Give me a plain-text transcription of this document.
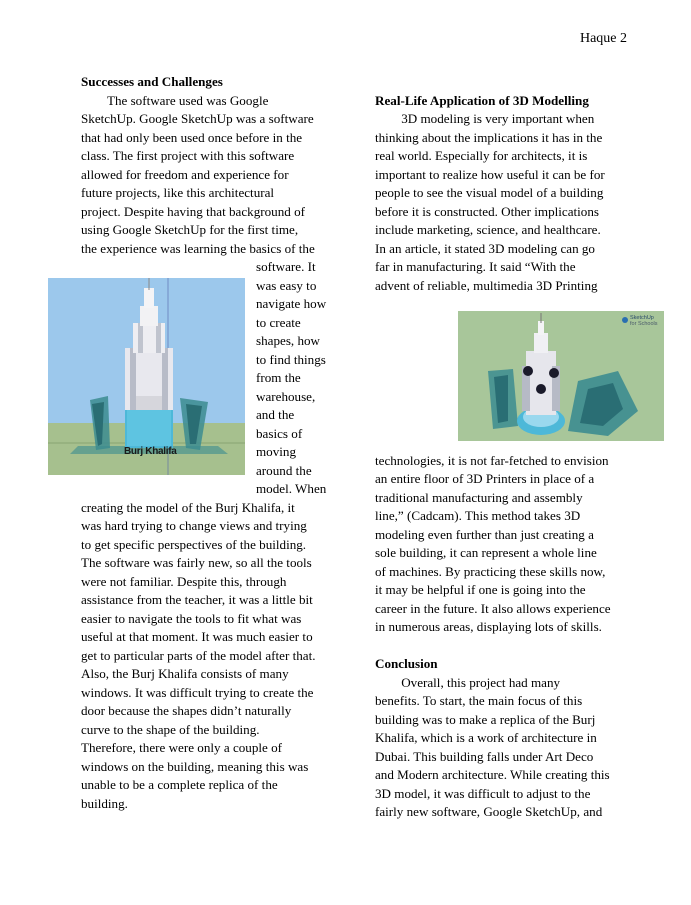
Haque 2
Successes and Challenges
The software used was Google
SketchUp. Google SketchUp was a software
that had only been used once before in the
class. The first project with this software
allowed for freedom and experience for
future projects, like this architectural
project. Despite having that background of
using Google SketchUp for the first time,
the experience was learning the basics of the
software. It
was easy to
navigate how
to create
shapes, how
to find things
from the
warehouse,
and the
basics of
moving
around the
model. When
creating the model of the Burj Khalifa, it
was hard trying to change views and trying
to get specific perspectives of the building.
The software was fairly new, so all the tools
were not familiar. Despite this, through
assistance from the teacher, it was a little bit
easier to navigate the tools to fit what was
useful at that moment. It was much easier to
get to particular parts of the model after that.
Also, the Burj Khalifa consists of many
windows. It was difficult trying to create the
door because the shapes didn’t naturally
curve to the shape of the building.
Therefore, there were only a couple of
windows on the building, meaning this was
unable to be a complete replica of the
building.
Burj Khalifa
Real-Life Application of 3D Modelling
3D modeling is very important when
thinking about the implications it has in the
real world. Especially for architects, it is
important to realize how useful it can be for
people to see the visual model of a building
before it is constructed. Other implications
include marketing, science, and healthcare.
In an article, it stated 3D modeling can go
far in manufacturing. It said “With the
advent of reliable, multimedia 3D Printing
SketchUp
for Schools
technologies, it is not far-fetched to envision
an entire floor of 3D Printers in place of a
traditional manufacturing and assembly
line,” (Cadcam). This method takes 3D
modeling even further than just creating a
sole building, it can represent a whole line
of machines. By practicing these skills now,
it may be helpful if one is going into the
career in the future. It also allows experience
in numerous areas, displaying lots of skills.
Conclusion
Overall, this project had many
benefits. To start, the main focus of this
building was to make a replica of the Burj
Khalifa, which is a work of architecture in
Dubai. This building falls under Art Deco
and Modern architecture. While creating this
3D model, it was difficult to adjust to the
fairly new software, Google SketchUp, and
